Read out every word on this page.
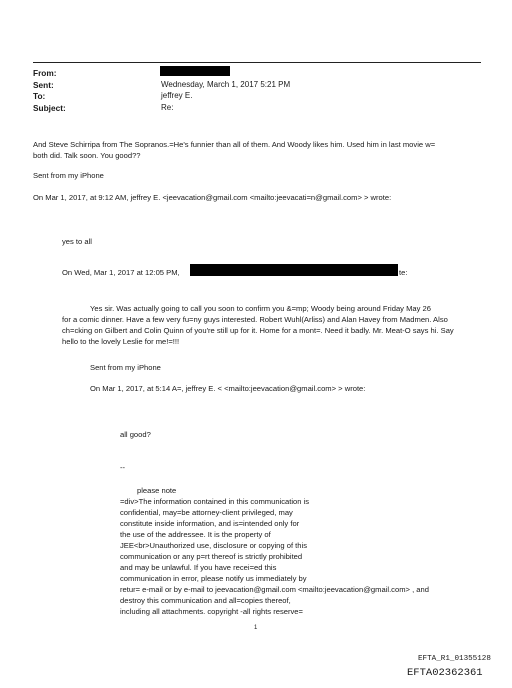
From:
Sent:
To:
Subject:
Wednesday, March 1, 2017 5:21 PM
jeffrey E.
Re:
And Steve Schirripa from The Sopranos.=He's funnier than all of them. And Woody likes him. Used him in last movie w=
both did. Talk soon. You good??
Sent from my iPhone
On Mar 1, 2017, at 9:12 AM, jeffrey E. <jeevacation@gmail.com <mailto:jeevacati=n@gmail.com> > wrote:
yes to all
On Wed, Mar 1, 2017 at 12:05 PM,	te:
Yes sir. Was actually going to call you soon to confirm you &=mp; Woody being around Friday May 26
for a comic dinner. Have a few very fu=ny guys interested. Robert Wuhl(Arliss) and Alan Havey from Madmen. Also
ch=cking on Gilbert and Colin Quinn of you're still up for it. Home for a mont=. Need it badly. Mr. Meat-O says hi. Say
hello to the lovely Leslie for me!=!!!
Sent from my iPhone
On Mar 1, 2017, at 5:14 A=, jeffrey E. < <mailto:jeevacation@gmail.com> > wrote:
all good?
--
please note
=div>The information contained in this communication is
confidential, may=be attorney-client privileged, may
constitute inside information, and is=intended only for
the use of the addressee. It is the property of
JEE<br>Unauthorized use, disclosure or copying of this
communication or any p=rt thereof is strictly prohibited
and may be unlawful. If you have recei=ed this
communication in error, please notify us immediately by
retur= e-mail or by e-mail to jeevacation@gmail.com <mailto:jeevacation@gmail.com> , and
destroy this communication and all=copies thereof,
including all attachments. copyright -all rights reserve=
1
EFTA_R1_01355128
EFTA02362361
